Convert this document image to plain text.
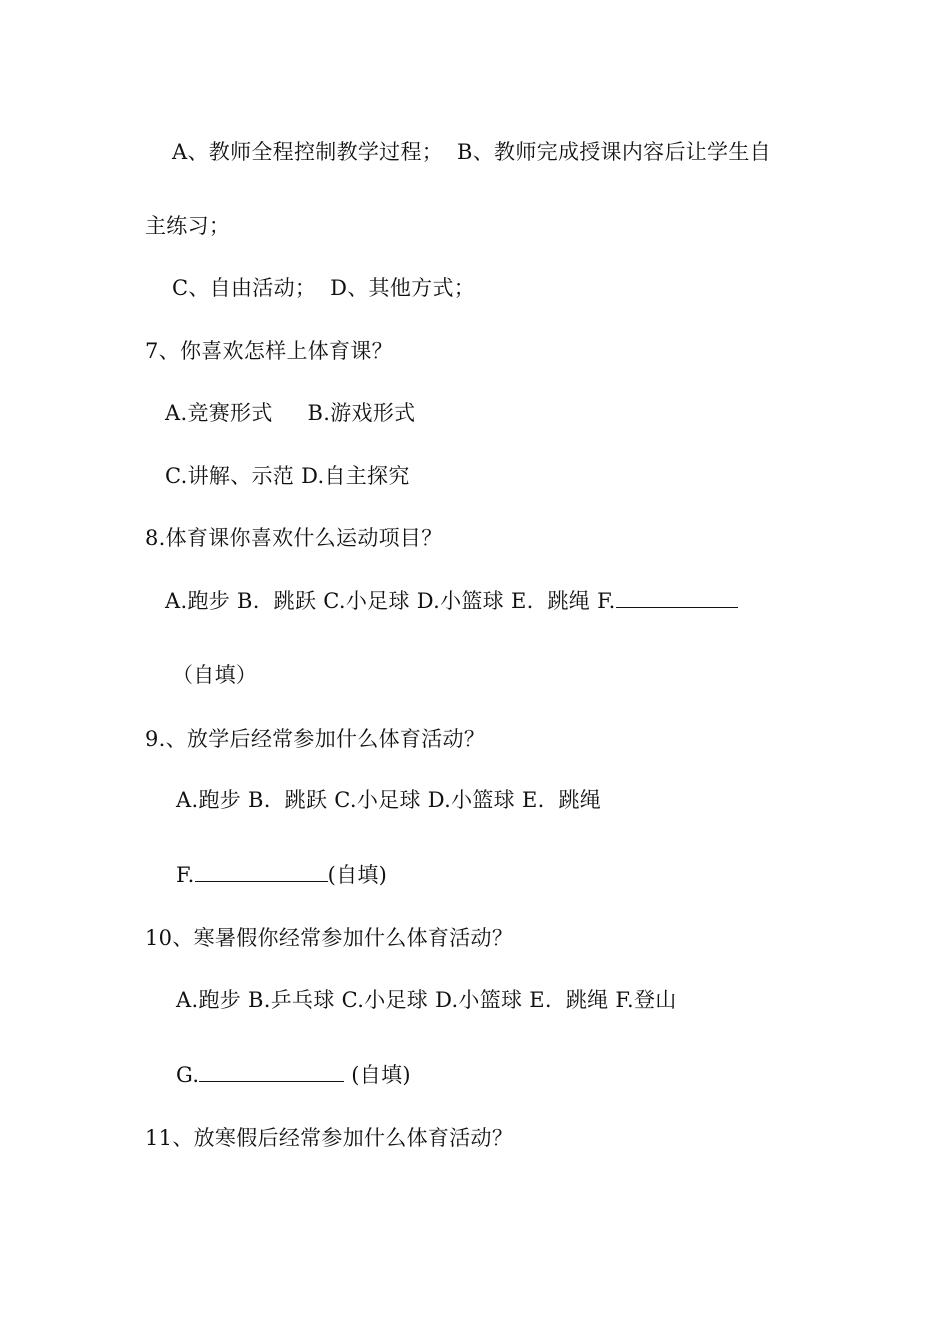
A、教师全程控制教学过程；  B、教师完成授课内容后让学生自
主练习；
C、自由活动；  D、其他方式；
7、你喜欢怎样上体育课？
A.竞赛形式     B.游戏形式
C.讲解、示范 D.自主探究
8.体育课你喜欢什么运动项目？
A.跑步 B.  跳跃 C.小足球 D.小篮球 E.  跳绳 F.
（自填）
9.、放学后经常参加什么体育活动？
A.跑步 B.  跳跃 C.小足球 D.小篮球 E.  跳绳
F.	(自填)
10、寒暑假你经常参加什么体育活动？
A.跑步 B.乒乓球 C.小足球 D.小篮球 E.  跳绳 F.登山
G.	(自填)
11、放寒假后经常参加什么体育活动？
